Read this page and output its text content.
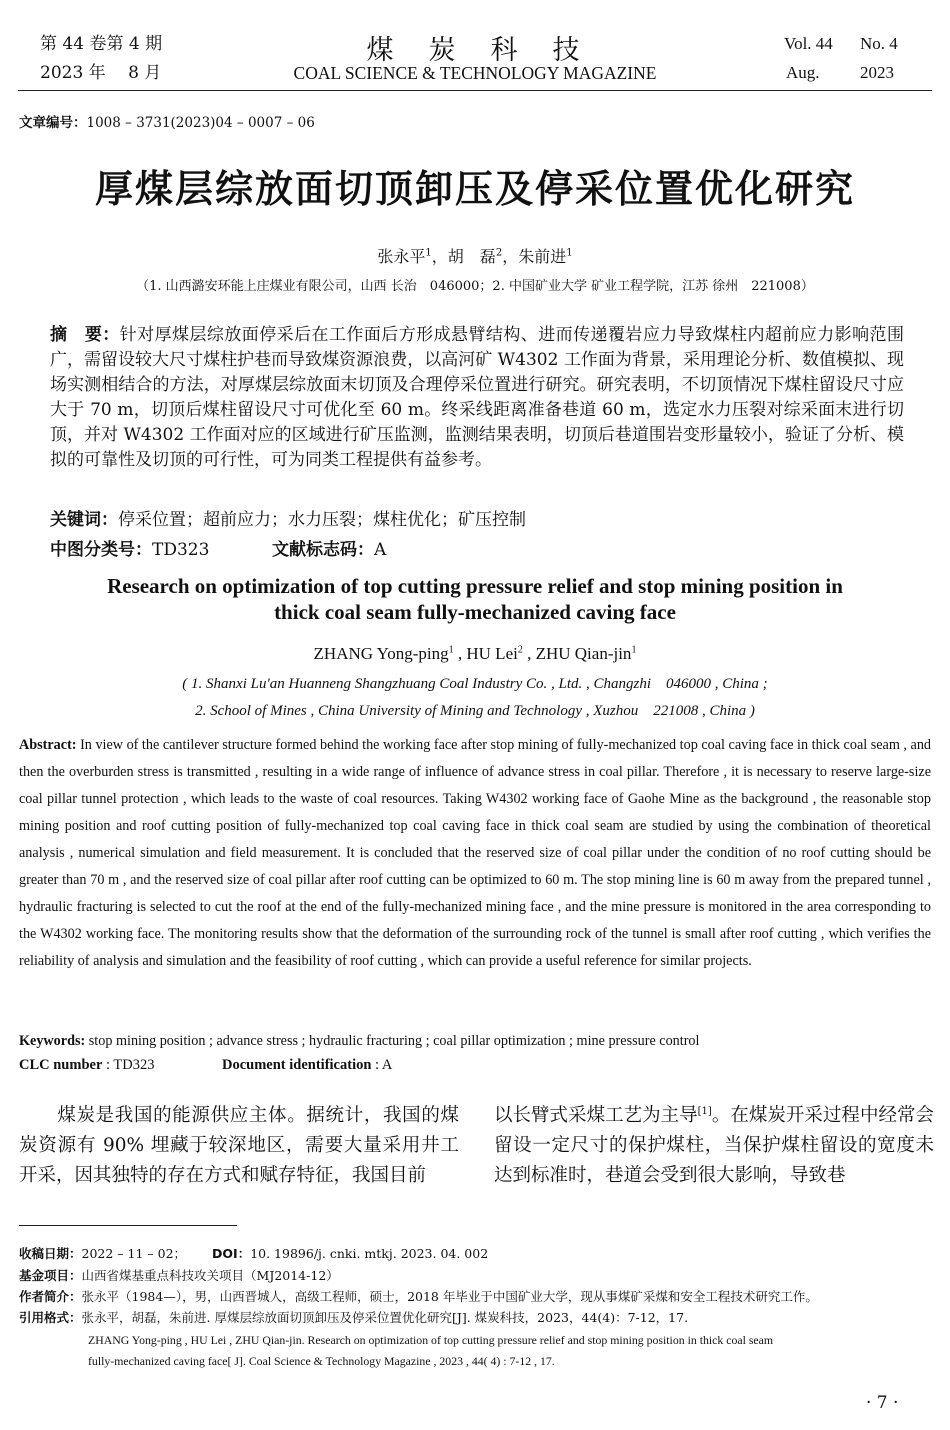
第 44 卷第 4 期
2023 年　 8 月
煤　炭　科　技
COAL SCIENCE & TECHNOLOGY MAGAZINE
Vol. 44 No. 4
Aug. 2023
文章编号：1008 – 3731(2023)04 – 0007 – 06
厚煤层综放面切顶卸压及停采位置优化研究
张永平$^1$，胡　磊$^2$，朱前进$^1$
（1. 山西潞安环能上庄煤业有限公司，山西 长治　046000；2. 中国矿业大学 矿业工程学院，江苏 徐州　221008）
摘　要：针对厚煤层综放面停采后在工作面后方形成悬臂结构、进而传递覆岩应力导致煤柱内超前应力影响范围广，需留设较大尺寸煤柱护巷而导致煤资源浪费，以高河矿 W4302 工作面为背景，采用理论分析、数值模拟、现场实测相结合的方法，对厚煤层综放面末切顶及合理停采位置进行研究。研究表明，不切顶情况下煤柱留设尺寸应大于 70 m，切顶后煤柱留设尺寸可优化至 60 m。终采线距离准备巷道 60 m，选定水力压裂对综采面末进行切顶，并对 W4302 工作面对应的区域进行矿压监测，监测结果表明，切顶后巷道围岩变形量较小，验证了分析、模拟的可靠性及切顶的可行性，可为同类工程提供有益参考。
关键词：停采位置；超前应力；水力压裂；煤柱优化；矿压控制
中图分类号：TD323	文献标志码：A
Research on optimization of top cutting pressure relief and stop mining position in
thick coal seam fully-mechanized caving face
ZHANG Yong-ping$^1$ , HU Lei$^2$ , ZHU Qian-jin$^1$
( 1. Shanxi Lu′an Huanneng Shangzhuang Coal Industry Co. , Ltd. , Changzhi　046000 , China ;
2. School of Mines , China University of Mining and Technology , Xuzhou　221008 , China )
Abstract: In view of the cantilever structure formed behind the working face after stop mining of fully-mechanized top coal caving face in thick coal seam , and then the overburden stress is transmitted , resulting in a wide range of influence of advance stress in coal pillar. Therefore , it is necessary to reserve large-size coal pillar tunnel protection , which leads to the waste of coal resources. Taking W4302 working face of Gaohe Mine as the background , the reasonable stop mining position and roof cutting position of fully-mechanized top coal caving face in thick coal seam are studied by using the combination of theoretical analysis , numerical simulation and field measurement. It is concluded that the reserved size of coal pillar under the condition of no roof cutting should be greater than 70 m , and the reserved size of coal pillar after roof cutting can be optimized to 60 m. The stop mining line is 60 m away from the prepared tunnel , hydraulic fracturing is selected to cut the roof at the end of the fully-mechanized mining face , and the mine pressure is monitored in the area corresponding to the W4302 working face. The monitoring results show that the deformation of the surrounding rock of the tunnel is small after roof cutting , which verifies the reliability of analysis and simulation and the feasibility of roof cutting , which can provide a useful reference for similar projects.
Keywords: stop mining position ; advance stress ; hydraulic fracturing ; coal pillar optimization ; mine pressure control
CLC number : TD323	Document identification : A
　　煤炭是我国的能源供应主体。据统计，我国的煤炭资源有 90% 埋藏于较深地区，需要大量采用井工开采，因其独特的存在方式和赋存特征，我国目前
以长臂式采煤工艺为主导[1]。在煤炭开采过程中经常会留设一定尺寸的保护煤柱，当保护煤柱留设的宽度未达到标准时，巷道会受到很大影响，导致巷
收稿日期：2022 – 11 – 02； DOI：10. 19896/j. cnki. mtkj. 2023. 04. 002
基金项目：山西省煤基重点科技攻关项目（MJ2014-12）
作者简介：张永平（1984—），男，山西晋城人，高级工程师，硕士，2018 年毕业于中国矿业大学，现从事煤矿采煤和安全工程技术研究工作。
引用格式：张永平，胡磊，朱前进. 厚煤层综放面切顶卸压及停采位置优化研究[J]. 煤炭科技，2023，44(4)：7-12，17.
ZHANG Yong-ping , HU Lei , ZHU Qian-jin. Research on optimization of top cutting pressure relief and stop mining position in thick coal seam
fully-mechanized caving face[ J]. Coal Science & Technology Magazine , 2023 , 44( 4) : 7-12 , 17.
· 7 ·
